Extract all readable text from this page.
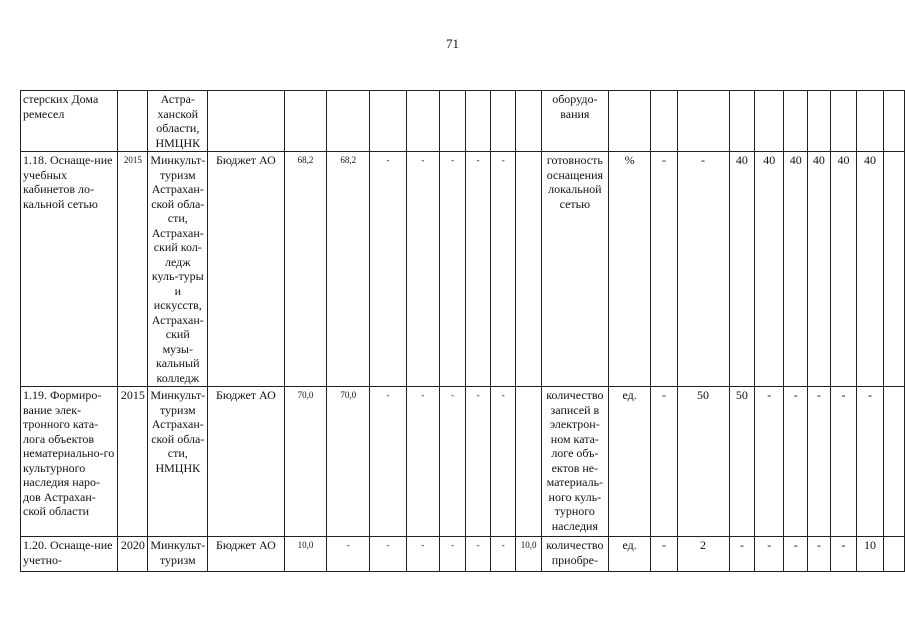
71
стерских Дома ремесел		Астра-ханской области, НМЦНК										оборудо-вания										
1.18. Оснаще-ние учебных кабинетов ло-кальной сетью	2015	Минкульт-туризм Астрахан-ской обла-сти, Астрахан-ский кол-ледж куль-туры и искусств, Астрахан-ский музы-кальный колледж	Бюджет АО	68,2	68,2	-	-	-	-	-		готовность оснащения локальной сетью	%	-	-	40	40	40	40	40	40	
1.19. Формиро-вание элек-тронного ката-лога объектов нематериально-го культурного наследия наро-дов Астрахан-ской области	2015	Минкульт-туризм Астрахан-ской обла-сти, НМЦНК	Бюджет АО	70,0	70,0	-	-	-	-	-		количество записей в электрон-ном ката-логе объ-ектов не-материаль-ного куль-турного наследия	ед.	-	50	50	-	-	-	-	-	
1.20. Оснаще-ние учетно-	2020	Минкульт-туризм	Бюджет АО	10,0	-	-	-	-	-	-	10,0	количество приобре-	ед.	-	2	-	-	-	-	-	10	
